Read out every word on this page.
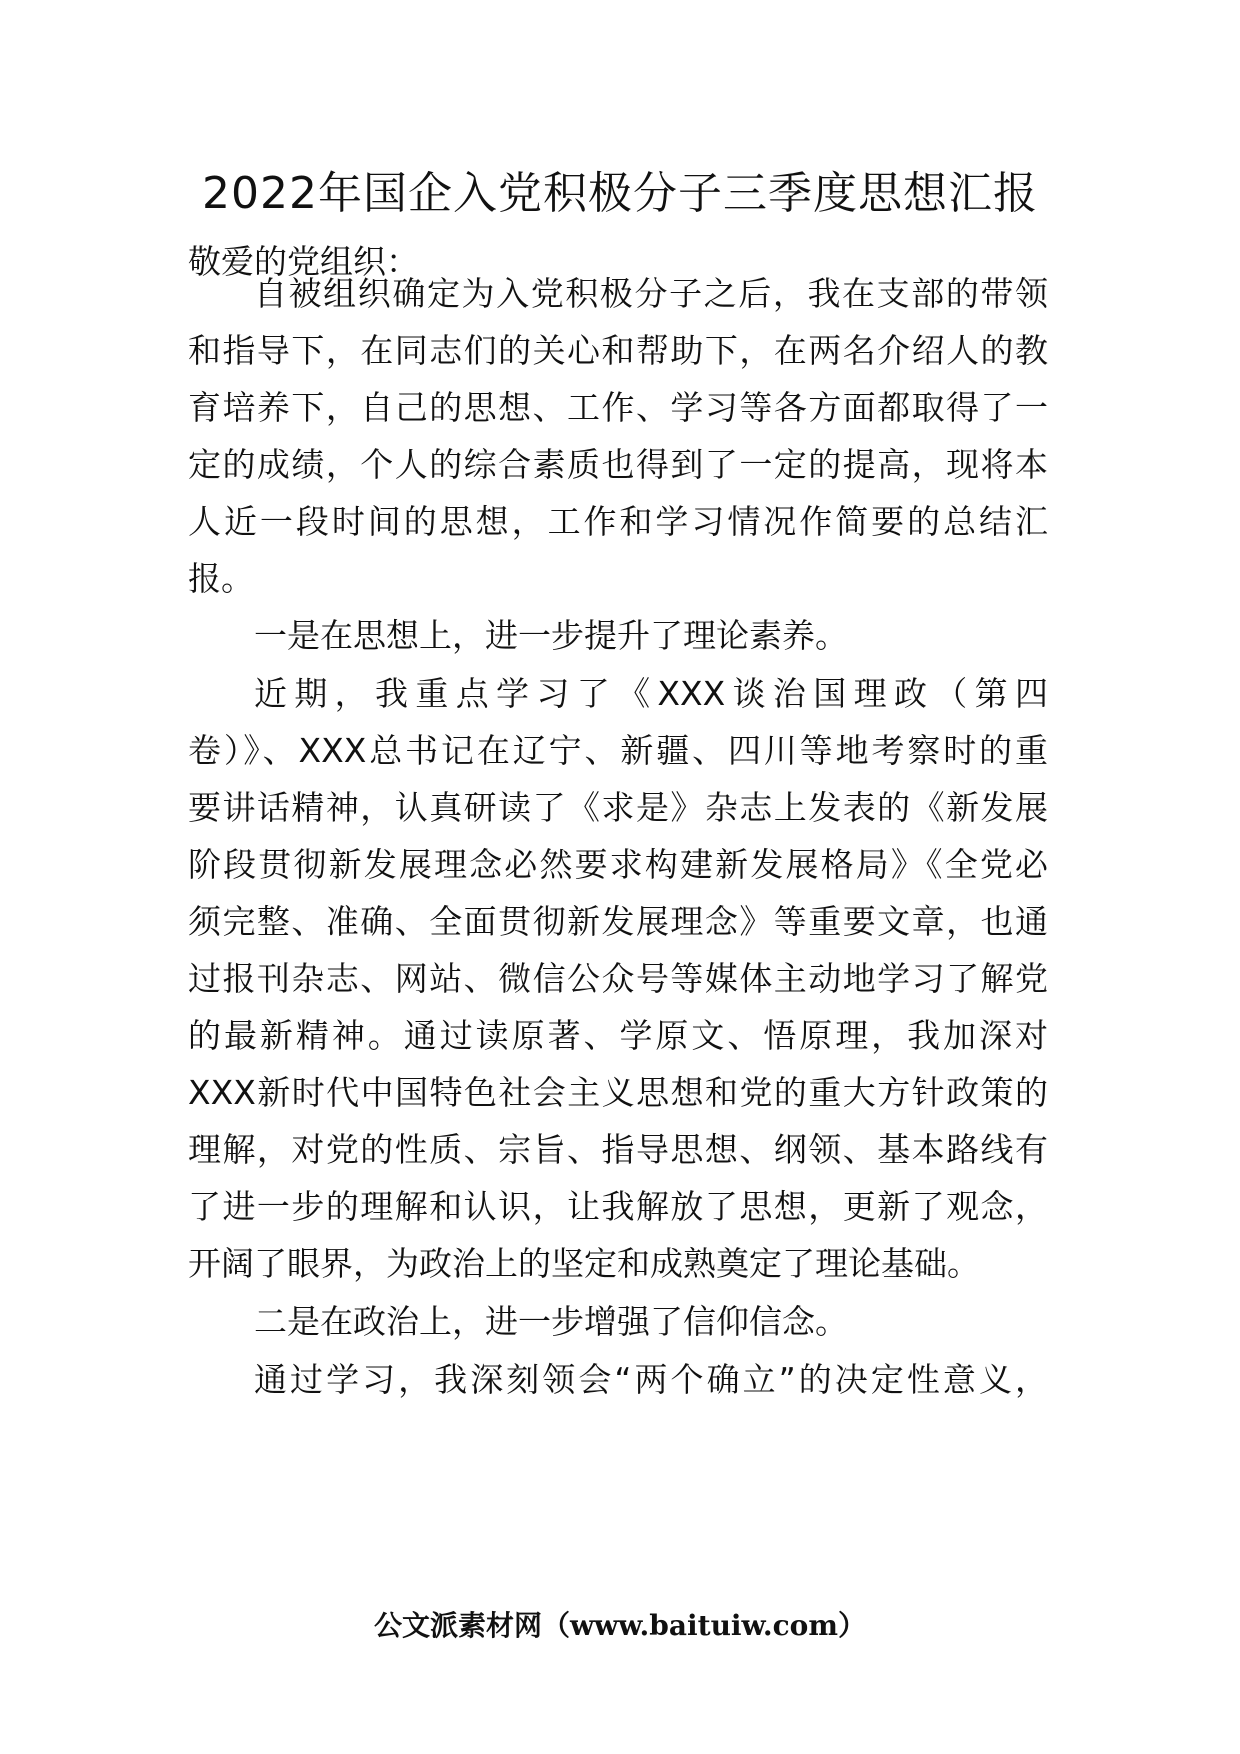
2022年国企入党积极分子三季度思想汇报
敬爱的党组织：
自被组织确定为入党积极分子之后，我在支部的带领
和指导下，在同志们的关心和帮助下，在两名介绍人的教
育培养下，自己的思想、工作、学习等各方面都取得了一
定的成绩，个人的综合素质也得到了一定的提高，现将本
人近一段时间的思想，工作和学习情况作简要的总结汇
报。
一是在思想上，进一步提升了理论素养。
近期，我重点学习了《XXX谈治国理政（第四
卷）》、XXX总书记在辽宁、新疆、四川等地考察时的重
要讲话精神，认真研读了《求是》杂志上发表的《新发展
阶段贯彻新发展理念必然要求构建新发展格局》《全党必
须完整、准确、全面贯彻新发展理念》等重要文章，也通
过报刊杂志、网站、微信公众号等媒体主动地学习了解党
的最新精神。通过读原著、学原文、悟原理，我加深对
XXX新时代中国特色社会主义思想和党的重大方针政策的
理解，对党的性质、宗旨、指导思想、纲领、基本路线有
了进一步的理解和认识，让我解放了思想，更新了观念，
开阔了眼界，为政治上的坚定和成熟奠定了理论基础。
二是在政治上，进一步增强了信仰信念。
通过学习，我深刻领会“两个确立”的决定性意义，
公文派素材网（www.baituiw.com）
